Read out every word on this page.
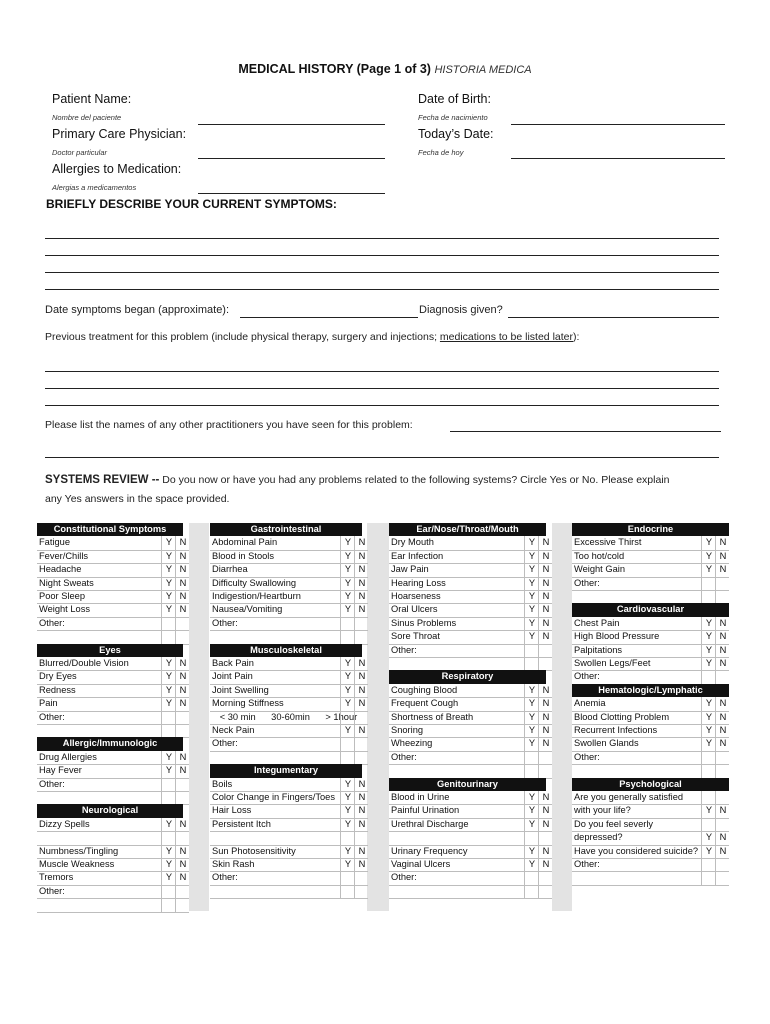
MEDICAL HISTORY (Page 1 of 3) HISTORIA MEDICA
Patient Name:
Nombre del paciente
Date of Birth:
Fecha de nacimiento
Primary Care Physician:
Doctor particular
Today’s Date:
Fecha de hoy
Allergies to Medication:
Alergias a medicamentos
BRIEFLY DESCRIBE YOUR CURRENT SYMPTOMS:
Date symptoms began (approximate):	Diagnosis given?
Previous treatment for this problem (include physical therapy, surgery and injections; medications to be listed later):
Please list the names of any other practitioners you have seen for this problem:
SYSTEMS REVIEW -- Do you now or have you had any problems related to the following systems? Circle Yes or No. Please explain
any Yes answers in the space provided.
Constitutional Symptoms
Fatigue	Y N
Fever/Chills	Y N
Headache	Y N
Night Sweats	Y N
Poor Sleep	Y N
Weight Loss	Y N
Other:
Eyes
Blurred/Double Vision	Y N
Dry Eyes	Y N
Redness	Y N
Pain	Y N
Other:
Allergic/Immunologic
Drug Allergies	Y N
Hay Fever	Y N
Other:
Neurological
Dizzy Spells	Y N
Numbness/Tingling	Y N
Muscle Weakness	Y N
Tremors	Y N
Other:
Gastrointestinal
Abdominal Pain	Y N
Blood in Stools	Y N
Diarrhea	Y N
Difficulty Swallowing	Y N
Indigestion/Heartburn	Y N
Nausea/Vomiting	Y N
Other:
Musculoskeletal
Back Pain	Y N
Joint Pain	Y N
Joint Swelling	Y N
Morning Stiffness	Y N
< 30 min      30-60min      > 1hour
Neck Pain	Y N
Other:
Integumentary
Boils	Y N
Color Change in Fingers/Toes	Y N
Hair Loss	Y N
Persistent Itch	Y N
Sun Photosensitivity	Y N
Skin Rash	Y N
Other:
Ear/Nose/Throat/Mouth
Dry Mouth	Y N
Ear Infection	Y N
Jaw Pain	Y N
Hearing Loss	Y N
Hoarseness	Y N
Oral Ulcers	Y N
Sinus Problems	Y N
Sore Throat	Y N
Other:
Respiratory
Coughing Blood	Y N
Frequent Cough	Y N
Shortness of Breath	Y N
Snoring	Y N
Wheezing	Y N
Other:
Genitourinary
Blood in Urine	Y N
Painful Urination	Y N
Urethral Discharge	Y N
Urinary Frequency	Y N
Vaginal Ulcers	Y N
Other:
Endocrine
Excessive Thirst	Y N
Too hot/cold	Y N
Weight Gain	Y N
Other:
Cardiovascular
Chest Pain	Y N
High Blood Pressure	Y N
Palpitations	Y N
Swollen Legs/Feet	Y N
Other:
Hematologic/Lymphatic
Anemia	Y N
Blood Clotting Problem	Y N
Recurrent Infections	Y N
Swollen Glands	Y N
Other:
Psychological
Are you generally satisfied
with your life?	Y N
Do you feel severly
depressed?	Y N
Have you considered suicide? Y N
Other:
